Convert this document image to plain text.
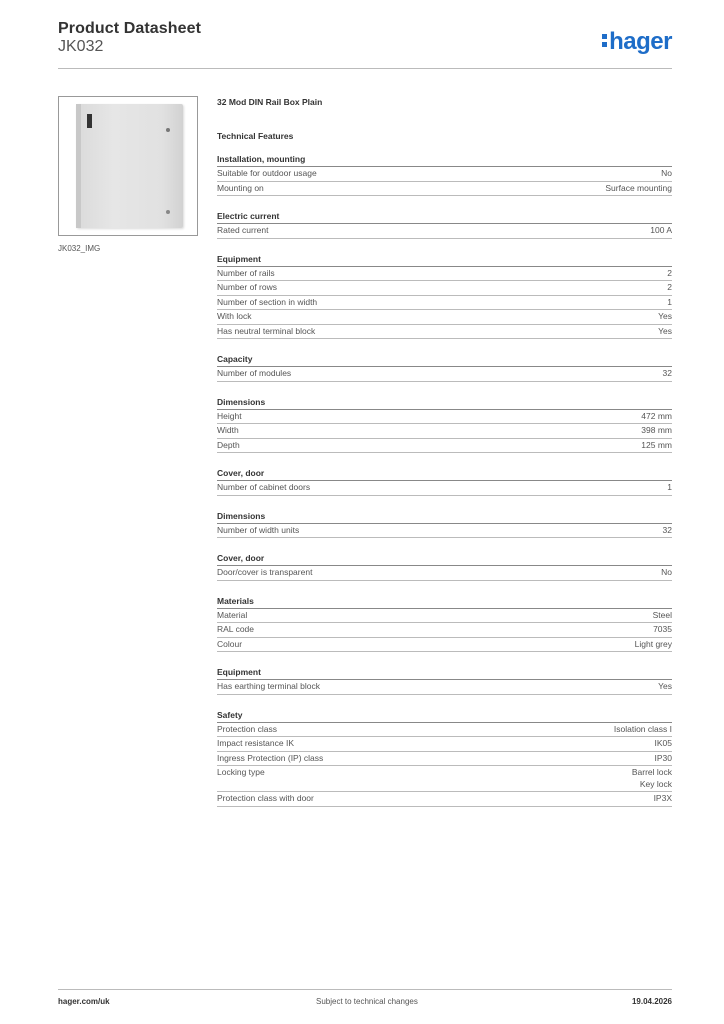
Product Datasheet
JK032	hager
JK032_IMG
32 Mod DIN Rail Box Plain
Technical Features
Installation, mounting
Suitable for outdoor usage	No
Mounting on	Surface mounting
Electric current
Rated current	100 A
Equipment
Number of rails	2
Number of rows	2
Number of section in width	1
With lock	Yes
Has neutral terminal block	Yes
Capacity
Number of modules	32
Dimensions
Height	472 mm
Width	398 mm
Depth	125 mm
Cover, door
Number of cabinet doors	1
Dimensions
Number of width units	32
Cover, door
Door/cover is transparent	No
Materials
Material	Steel
RAL code	7035
Colour	Light grey
Equipment
Has earthing terminal block	Yes
Safety
Protection class	Isolation class I
Impact resistance IK	IK05
Ingress Protection (IP) class	IP30
Locking type	Barrel lock
Key lock
Protection class with door	IP3X
hager.com/uk	Subject to technical changes	19.04.2026
